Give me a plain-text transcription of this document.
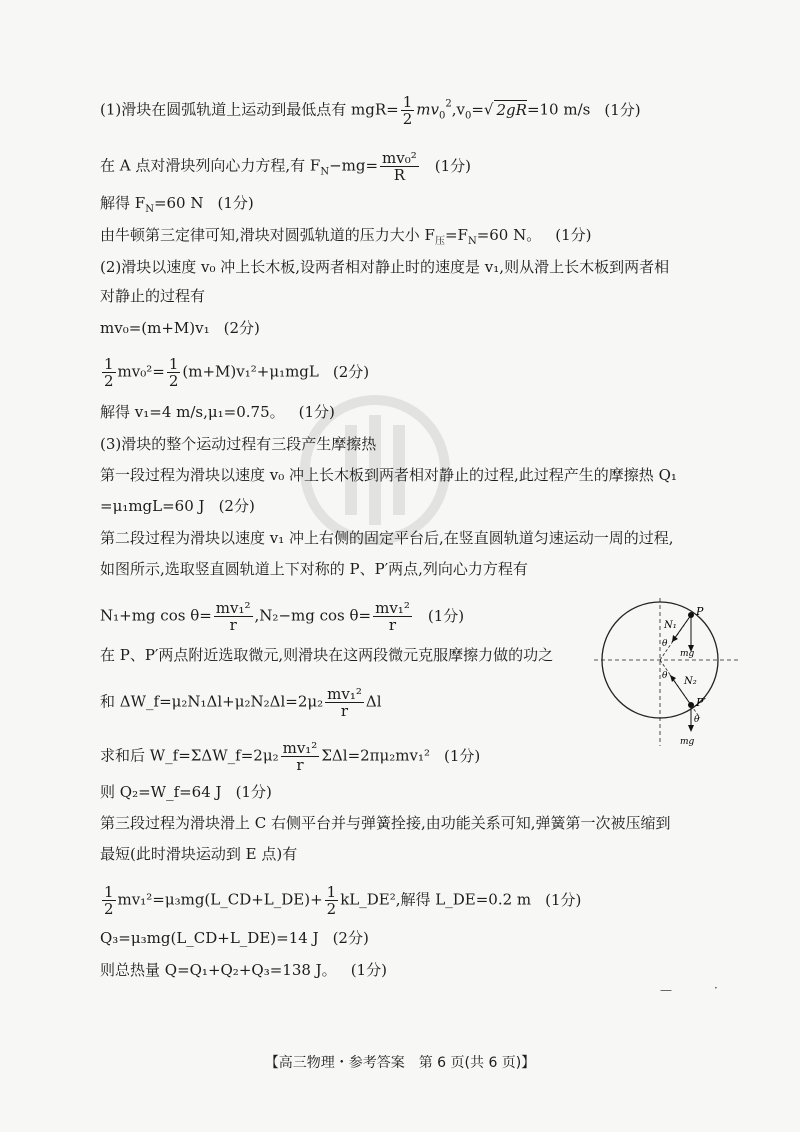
(1)滑块在圆弧轨道上运动到最低点有 $mgR= \frac{1}{2} mv_0^2,v_0=√$ 2gR=10 m/s (1分)
在 A 点对滑块列向心力方程,有 $F_N-mg= \frac{\text{mv₀²}}{R} (1$分)
解得 $F_N=60$ N (1分)
由牛顿第三定律可知,滑块对圆弧轨道的压力大小 $F_压=F_N=60$ N。 (1分)
(2)滑块以速度 v₀ 冲上长木板,设两者相对静止时的速度是 v₁,则从滑上长木板到两者相
对静止的过程有
mv₀=(m+M)v₁ (2分)
$\frac{1}{2} mv_0^2= \frac{1}{2} (m+M)v_1^2+\mu_1mgL$ (2分)
解得 v₁=4 m/s,μ₁=0.75。 (1分)
(3)滑块的整个运动过程有三段产生摩擦热
第一段过程为滑块以速度 v₀ 冲上长木板到两者相对静止的过程,此过程产生的摩擦热 Q₁
=μ₁mgL=60 J (2分)
第二段过程为滑块以速度 v₁ 冲上右侧的固定平台后,在竖直圆轨道匀速运动一周的过程,
如图所示,选取竖直圆轨道上下对称的 P、P′两点,列向心力方程有
N₁+mg $\cos \theta= \frac{\text{mv₁²}}{r} ,N_2-mg$ $\cos \theta= \frac{\text{mv₁²}}{r} (1$分)
在 P、P′两点附近选取微元,则滑块在这两段微元克服摩擦力做的功之
和 ΔW_f=μ₂N₁Δl+μ₂N₂Δl=2μ₂ $\frac{\text{mv₁²}}{r}$ Δl
求和后 W_f=ΣΔW_f=2μ₂ $\frac{\text{mv₁²}}{r} \Sigma\Delta l=2\pi\mu_2mv_1^2$ (1分)
则 Q₂=W_f=64 J (1分)
第三段过程为滑块滑上 C 右侧平台并与弹簧拴接,由功能关系可知,弹簧第一次被压缩到
最短(此时滑块运动到 E 点)有
$\frac{1}{2}$ mv₁²=μ₃mg(L_CD+L_DE)+ $\frac{1}{2}$ kL_DE²,解得 L_DE=0.2 m (1分)
Q₃=μ₃mg(L_CD+L_DE)=14 J (2分)
则总热量 Q=Q₁+Q₂+Q₃=138 J。 (1分)
P
P′
N₁
N₂
mg
mg
θ
θ
θ
—	·
【高三物理・参考答案　第 6 页(共 6 页)】
